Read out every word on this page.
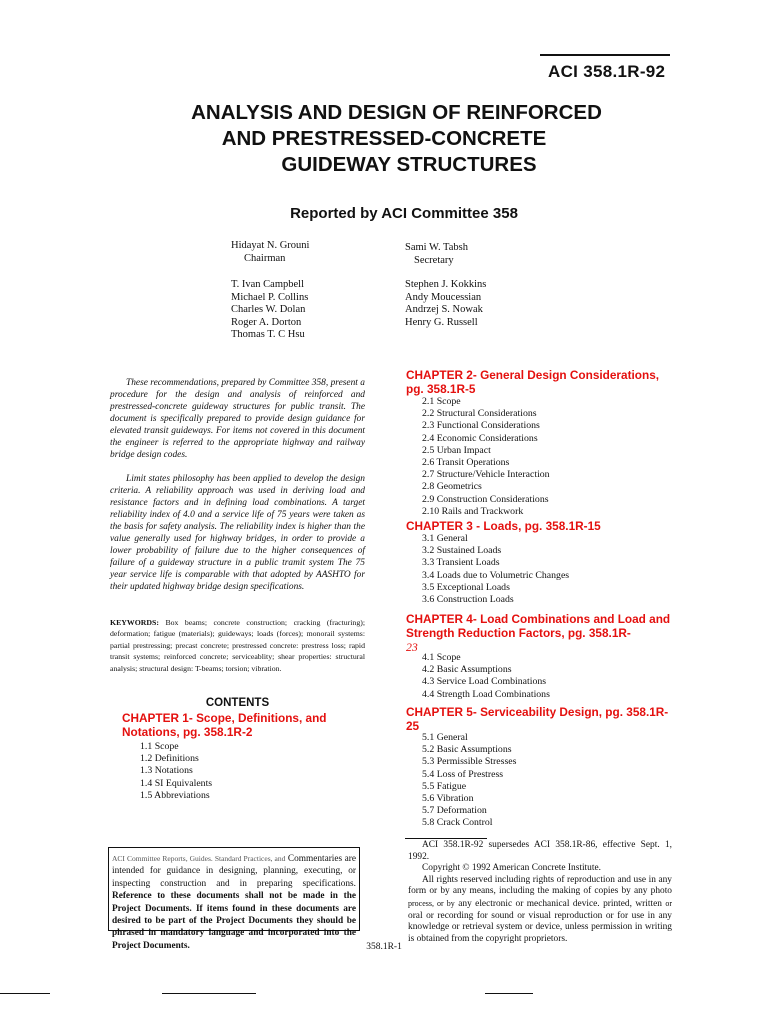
ACI 358.1R-92
ANALYSIS AND DESIGN OF REINFORCED
AND PRESTRESSED-CONCRETE
GUIDEWAY STRUCTURES
Reported by ACI Committee 358
Hidayat N. Grouni
Chairman
Sami W. Tabsh
Secretary
T. Ivan Campbell
Michael P. Collins
Charles W. Dolan
Roger A. Dorton
Thomas T. C Hsu
Stephen J. Kokkins
Andy Moucessian
Andrzej S. Nowak
Henry G. Russell

These recommendations, prepared by Committee 358, present a procedure for the design and analysis of reinforced and prestressed-concrete guideway structures for public transit. The document is specifically prepared to provide design guidance for elevated transit guideways. For items not covered in this document the engineer is referred to the appropriate highway and railway bridge design codes.

Limit states philosophy has been applied to develop the design criteria. A reliability approach was used in deriving load and resistance factors and in defining load combinations. A target reliability index of 4.0 and a service life of 75 years were taken as the basis for safety analysis. The reliability index is higher than the value generally used for highway bridges, in order to provide a lower probability of failure due to the higher consequences of failure of a guideway structure in a public tramit system The 75 year service life is comparable with that adopted by AASHTO for their updated highway bridge design specifications.

KEYWORDS: Box beams; concrete construction; cracking (fracturing); deformation; fatigue (materials); guideways; loads (forces); monorail systems: partial prestressing; precast concrete; prestressed concrete: prestress loss; rapid transit systems; reinforced concrete; serviceablity; shear properties: structural analysis; structural design: T-beams; torsion; vibration.
CONTENTS
CHAPTER 1- Scope, Definitions, and Notations, pg. 358.1R-2
1.1 Scope
1.2 Definitions
1.3 Notations
1.4 SI Equivalents
1.5 Abbreviations
CHAPTER 2- General Design Considerations, pg. 358.1R-5
2.1 Scope
2.2 Structural Considerations
2.3 Functional Considerations
2.4 Economic Considerations
2.5 Urban Impact
2.6 Transit Operations
2.7 Structure/Vehicle Interaction
2.8 Geometrics
2.9 Construction Considerations
2.10 Rails and Trackwork
CHAPTER 3 - Loads, pg. 358.1R-15
3.1 General
3.2 Sustained Loads
3.3 Transient Loads
3.4 Loads due to Volumetric Changes
3.5 Exceptional Loads
3.6 Construction Loads
CHAPTER 4- Load Combinations and Load and Strength Reduction Factors, pg. 358.1R-
23
4.1 Scope
4.2 Basic Assumptions
4.3 Service Load Combinations
4.4 Strength Load Combinations
CHAPTER 5- Serviceability Design, pg. 358.1R-25
5.1 General
5.2 Basic Assumptions
5.3 Permissible Stresses
5.4 Loss of Prestress
5.5 Fatigue
5.6 Vibration
5.7 Deformation
5.8 Crack Control
ACI Committee Reports, Guides. Standard Practices, and Commentaries are intended for guidance in designing, planning, executing, or inspecting construction and in preparing specifications. Reference to these documents shall not be made in the Project Documents. If items found in these documents are desired to be part of the Project Documents they should be phrased in mandatory language and incorporated into the Project Documents.

ACI 358.1R-92 supersedes ACI 358.1R-86, effective Sept. 1, 1992.

Copyright © 1992 American Concrete Institute.

All rights reserved including rights of reproduction and use in any form or by any means, including the making of copies by any photo process, or by any electronic or mechanical device. printed, written or oral or recording for sound or visual reproduction or for use in any knowledge or retrieval system or device, unless permission in writing is obtained from the copyright proprietors.

358.1R-1
